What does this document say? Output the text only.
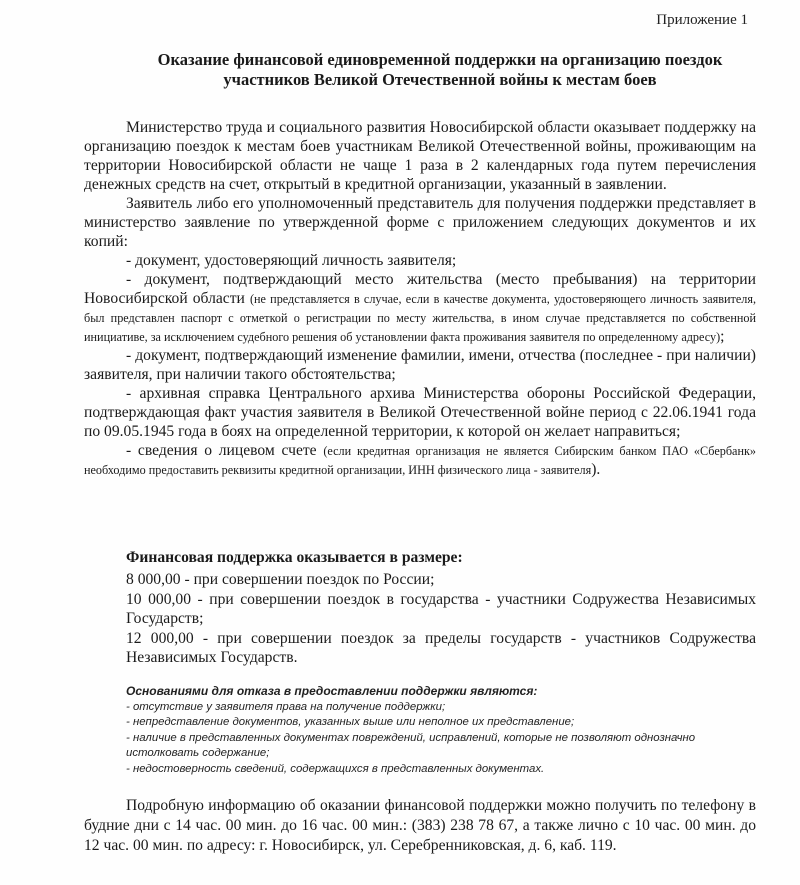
Приложение 1
Оказание финансовой единовременной поддержки на организацию поездок
участников Великой Отечественной войны к местам боев

Министерство труда и социального развития Новосибирской области оказывает поддержку на организацию поездок к местам боев участникам Великой Отечественной войны, проживающим на территории Новосибирской области не чаще 1 раза в 2 календарных года путем перечисления денежных средств на счет, открытый в кредитной организации, указанный в заявлении.

Заявитель либо его уполномоченный представитель для получения поддержки представляет в министерство заявление по утвержденной форме с приложением следующих документов и их копий:

- документ, удостоверяющий личность заявителя;

- документ, подтверждающий место жительства (место пребывания) на территории Новосибирской области (не представляется в случае, если в качестве документа, удостоверяющего личность заявителя, был представлен паспорт с отметкой о регистрации по месту жительства, в ином случае представляется по собственной инициативе, за исключением судебного решения об установлении факта проживания заявителя по определенному адресу);

- документ, подтверждающий изменение фамилии, имени, отчества (последнее - при наличии) заявителя, при наличии такого обстоятельства;

- архивная справка Центрального архива Министерства обороны Российской Федерации, подтверждающая факт участия заявителя в Великой Отечественной войне период с 22.06.1941 года по 09.05.1945 года в боях на определенной территории, к которой он желает направиться;

- сведения о лицевом счете (если кредитная организация не является Сибирским банком ПАО «Сбербанк» необходимо предоставить реквизиты кредитной организации, ИНН физического лица - заявителя).

Финансовая поддержка оказывается в размере:

8 000,00 - при совершении поездок по России;

10 000,00 - при совершении поездок в государства - участники Содружества Независимых Государств;

12 000,00 - при совершении поездок за пределы государств - участников Содружества Независимых Государств.

Основаниями для отказа в предоставлении поддержки являются:

- отсутствие у заявителя права на получение поддержки;

- непредставление документов, указанных выше или неполное их представление;

- наличие в представленных документах повреждений, исправлений, которые не позволяют однозначно истолковать содержание;

- недостоверность сведений, содержащихся в представленных документах.

Подробную информацию об оказании финансовой поддержки можно получить по телефону в будние дни с 14 час. 00 мин. до 16 час. 00 мин.: (383) 238 78 67, а также лично с 10 час. 00 мин. до 12 час. 00 мин. по адресу: г. Новосибирск, ул. Серебренниковская, д. 6, каб. 119.
